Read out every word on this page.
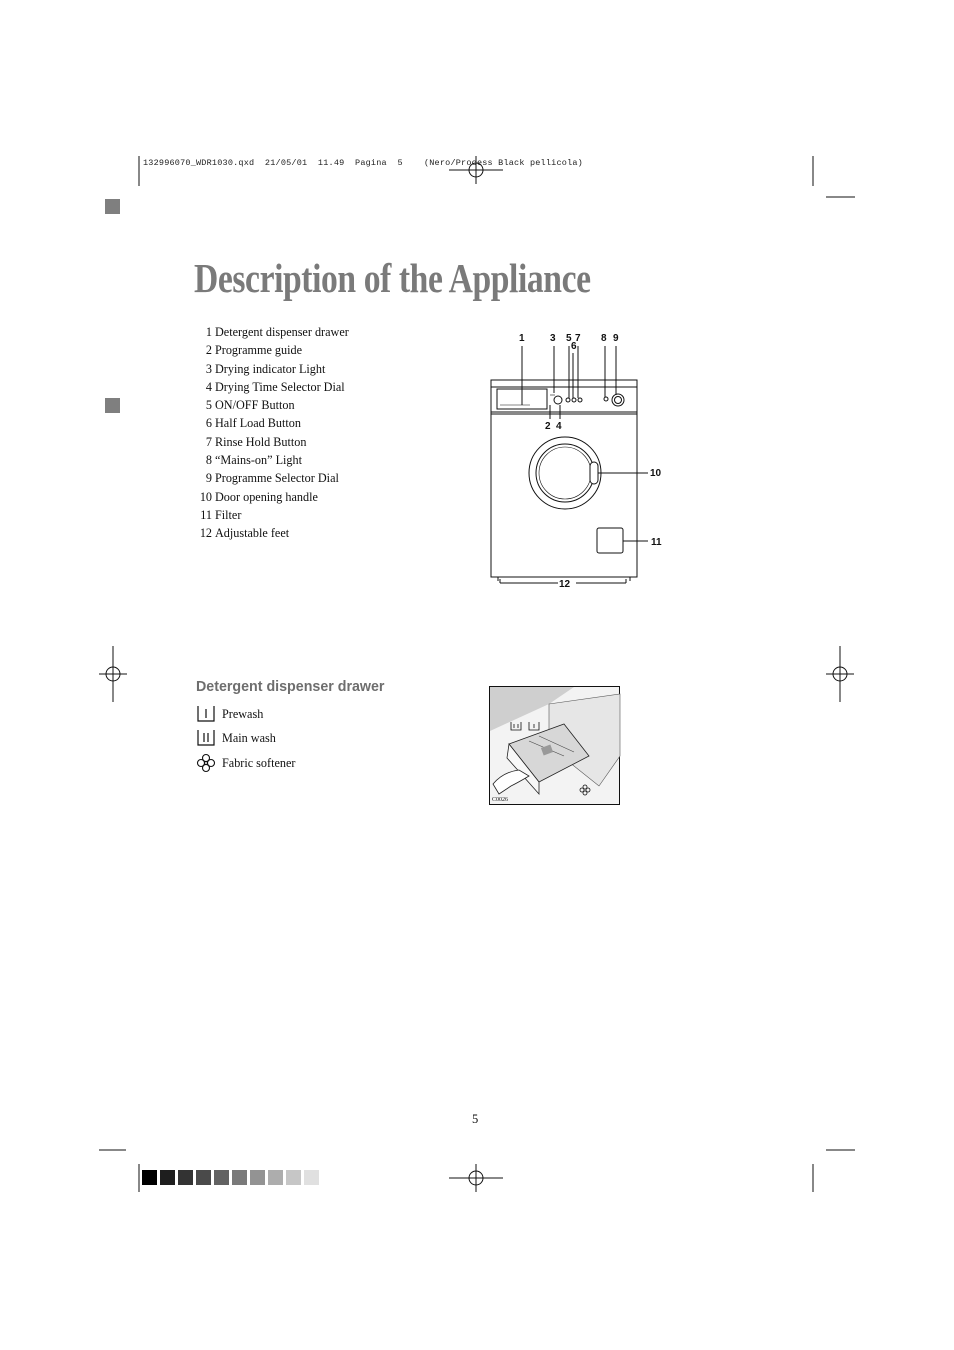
132996070_WDR1030.qxd  21/05/01  11.49  Pagina  5    (Nero/Process Black pellicola)
Description of the Appliance
1 Detergent dispenser drawer
2 Programme guide
3 Drying indicator Light
4 Drying Time Selector Dial
5 ON/OFF Button
6 Half Load Button
7 Rinse Hold Button
8 “Mains-on” Light
9 Programme Selector Dial
10 Door opening handle
11 Filter
12 Adjustable feet
1	3 5
6
7 8 9
2 4
10
11
12
Detergent dispenser drawer
Prewash
Main wash
Fabric softener
C0026
5
